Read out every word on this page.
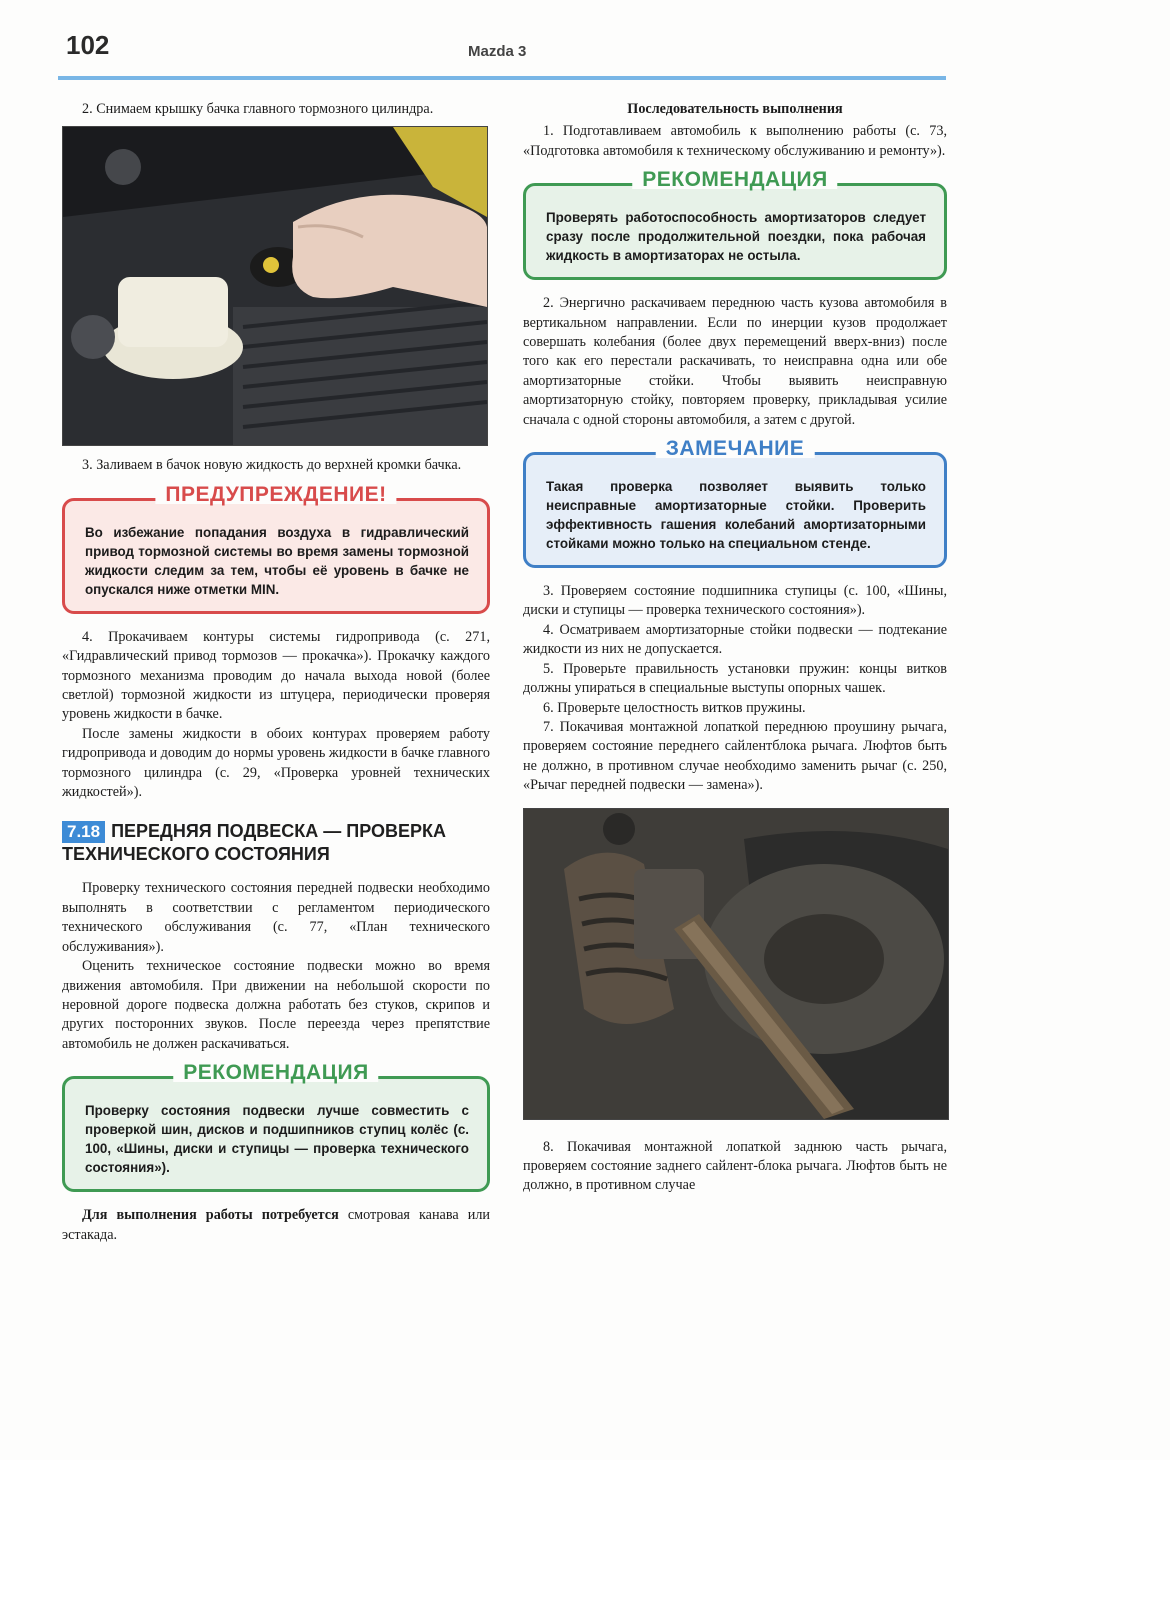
102	Mazda 3

2. Снимаем крышку бачка главного тормозного цилиндра.

3. Заливаем в бачок новую жидкость до верхней кромки бачка.

ПРЕДУПРЕЖДЕНИЕ!
Во избежание попадания воздуха в гидравлический привод тормозной системы во время замены тормозной жидкости следим за тем, чтобы её уровень в бачке не опускался ниже отметки MIN.

4. Прокачиваем контуры системы гидропривода (с. 271, «Гидравлический привод тормозов — прокачка»). Прокачку каждого тормозного механизма проводим до начала выхода новой (более светлой) тормозной жидкости из штуцера, периодически проверяя уровень жидкости в бачке.

После замены жидкости в обоих контурах проверяем работу гидропривода и доводим до нормы уровень жидкости в бачке главного тормозного цилиндра (с. 29, «Проверка уровней технических жидкостей»).

7.18 ПЕРЕДНЯЯ ПОДВЕСКА — ПРОВЕРКА ТЕХНИЧЕСКОГО СОСТОЯНИЯ

Проверку технического состояния передней подвески необходимо выполнять в соответствии с регламентом периодического технического обслуживания (с. 77, «План технического обслуживания»).

Оценить техническое состояние подвески можно во время движения автомобиля. При движении на небольшой скорости по неровной дороге подвеска должна работать без стуков, скрипов и других посторонних звуков. После переезда через препятствие автомобиль не должен раскачиваться.

РЕКОМЕНДАЦИЯ
Проверку состояния подвески лучше совместить с проверкой шин, дисков и подшипников ступиц колёс (с. 100, «Шины, диски и ступицы — проверка технического состояния»).

Для выполнения работы потребуется смотровая канава или эстакада.

Последовательность выполнения

1. Подготавливаем автомобиль к выполнению работы (с. 73, «Подготовка автомобиля к техническому обслуживанию и ремонту»).

РЕКОМЕНДАЦИЯ
Проверять работоспособность амортизаторов следует сразу после продолжительной поездки, пока рабочая жидкость в амортизаторах не остыла.

2. Энергично раскачиваем переднюю часть кузова автомобиля в вертикальном направлении. Если по инерции кузов продолжает совершать колебания (более двух перемещений вверх-вниз) после того как его перестали раскачивать, то неисправна одна или обе амортизаторные стойки. Чтобы выявить неисправную амортизаторную стойку, повторяем проверку, прикладывая усилие сначала с одной стороны автомобиля, а затем с другой.

ЗАМЕЧАНИЕ
Такая проверка позволяет выявить только неисправные амортизаторные стойки. Проверить эффективность гашения колебаний амортизаторными стойками можно только на специальном стенде.

3. Проверяем состояние подшипника ступицы (с. 100, «Шины, диски и ступицы — проверка технического состояния»).

4. Осматриваем амортизаторные стойки подвески — подтекание жидкости из них не допускается.

5. Проверьте правильность установки пружин: концы витков должны упираться в специальные выступы опорных чашек.

6. Проверьте целостность витков пружины.

7. Покачивая монтажной лопаткой переднюю проушину рычага, проверяем состояние переднего сайлентблока рычага. Люфтов быть не должно, в противном случае необходимо заменить рычаг (с. 250, «Рычаг передней подвески — замена»).

8. Покачивая монтажной лопаткой заднюю часть рычага, проверяем состояние заднего сайлент-блока рычага. Люфтов быть не должно, в противном случае
